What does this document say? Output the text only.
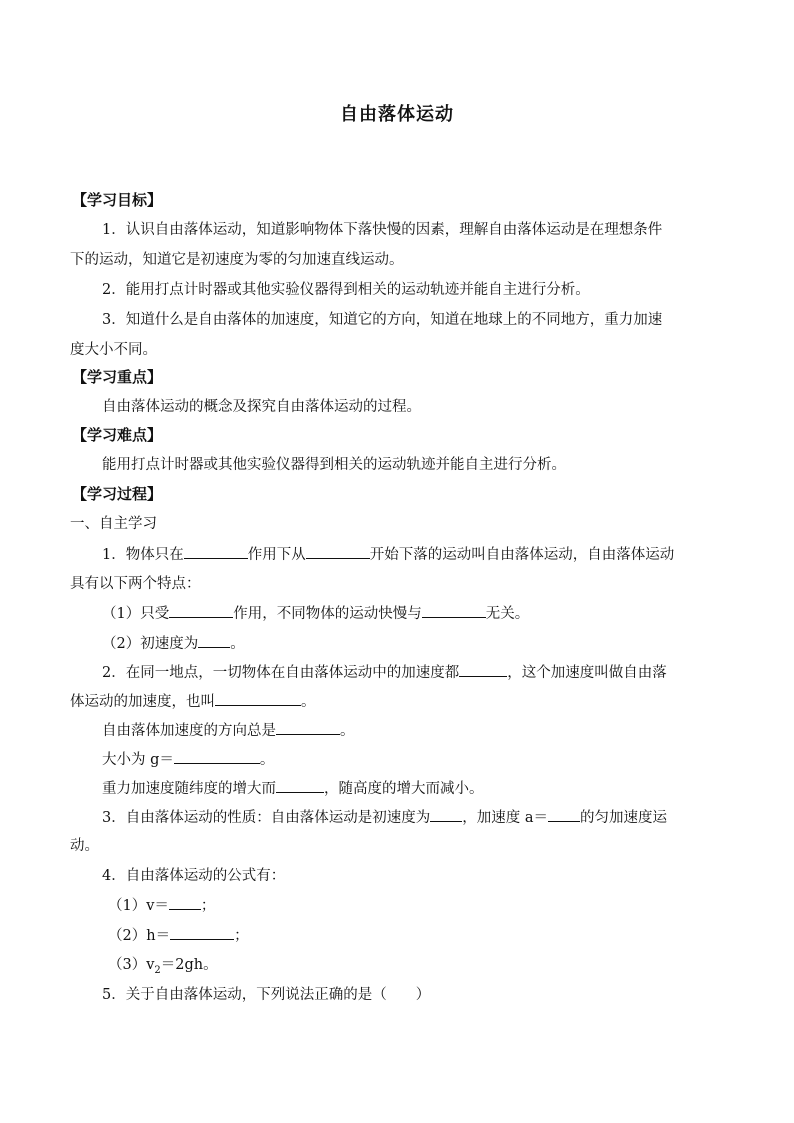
自由落体运动
【学习目标】
1．认识自由落体运动，知道影响物体下落快慢的因素，理解自由落体运动是在理想条件
下的运动，知道它是初速度为零的匀加速直线运动。
2．能用打点计时器或其他实验仪器得到相关的运动轨迹并能自主进行分析。
3．知道什么是自由落体的加速度，知道它的方向，知道在地球上的不同地方，重力加速
度大小不同。
【学习重点】
自由落体运动的概念及探究自由落体运动的过程。
【学习难点】
能用打点计时器或其他实验仪器得到相关的运动轨迹并能自主进行分析。
【学习过程】
一、自主学习
1．物体只在	作用下从	开始下落的运动叫自由落体运动，自由落体运动
具有以下两个特点：
（1）只受	作用，不同物体的运动快慢与	无关。
（2）初速度为 。
2．在同一地点，一切物体在自由落体运动中的加速度都	，这个加速度叫做自由落
体运动的加速度，也叫	。
自由落体加速度的方向总是	。
大小为 g＝	。
重力加速度随纬度的增大而	，随高度的增大而减小。
3．自由落体运动的性质：自由落体运动是初速度为 ，加速度 a＝ 的匀加速度运
动。
4．自由落体运动的公式有：
（1）v＝ ；
（2）h＝	；
$(3)v_2=2gh$。
5．关于自由落体运动，下列说法正确的是（　　）
